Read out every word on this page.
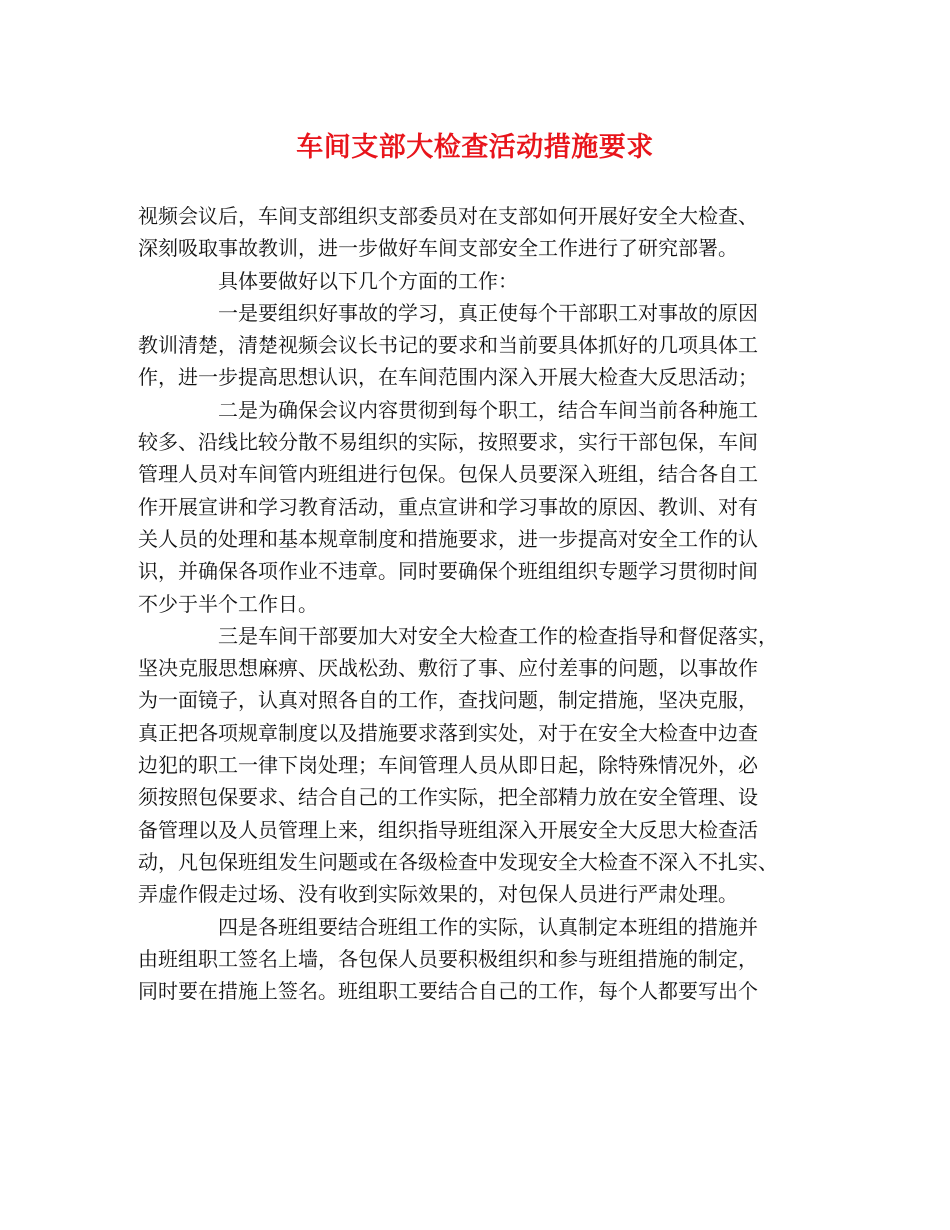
车间支部大检查活动措施要求
视频会议后，车间支部组织支部委员对在支部如何开展好安全大检查、
深刻吸取事故教训，进一步做好车间支部安全工作进行了研究部署。
具体要做好以下几个方面的工作：
一是要组织好事故的学习，真正使每个干部职工对事故的原因
教训清楚，清楚视频会议长书记的要求和当前要具体抓好的几项具体工
作，进一步提高思想认识，在车间范围内深入开展大检查大反思活动；
二是为确保会议内容贯彻到每个职工，结合车间当前各种施工
较多、沿线比较分散不易组织的实际，按照要求，实行干部包保，车间
管理人员对车间管内班组进行包保。包保人员要深入班组，结合各自工
作开展宣讲和学习教育活动，重点宣讲和学习事故的原因、教训、对有
关人员的处理和基本规章制度和措施要求，进一步提高对安全工作的认
识，并确保各项作业不违章。同时要确保个班组组织专题学习贯彻时间
不少于半个工作日。
三是车间干部要加大对安全大检查工作的检查指导和督促落实，
坚决克服思想麻痹、厌战松劲、敷衍了事、应付差事的问题，以事故作
为一面镜子，认真对照各自的工作，查找问题，制定措施，坚决克服，
真正把各项规章制度以及措施要求落到实处，对于在安全大检查中边查
边犯的职工一律下岗处理；车间管理人员从即日起，除特殊情况外，必
须按照包保要求、结合自己的工作实际，把全部精力放在安全管理、设
备管理以及人员管理上来，组织指导班组深入开展安全大反思大检查活
动，凡包保班组发生问题或在各级检查中发现安全大检查不深入不扎实、
弄虚作假走过场、没有收到实际效果的，对包保人员进行严肃处理。
四是各班组要结合班组工作的实际，认真制定本班组的措施并
由班组职工签名上墙，各包保人员要积极组织和参与班组措施的制定，
同时要在措施上签名。班组职工要结合自己的工作，每个人都要写出个
